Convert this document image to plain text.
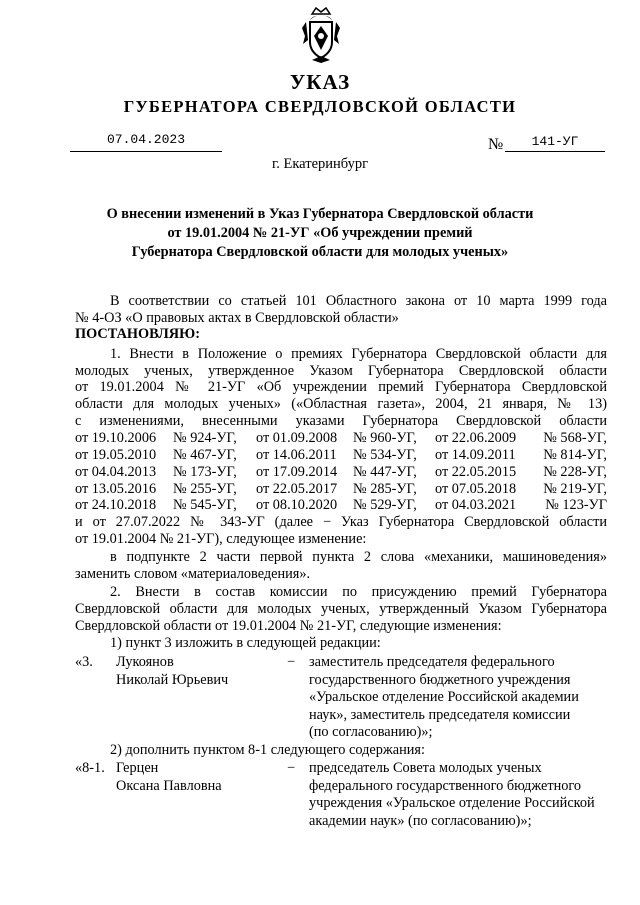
УКАЗ
ГУБЕРНАТОРА СВЕРДЛОВСКОЙ ОБЛАСТИ
07.04.2023	№	141-УГ
г. Екатеринбург
О внесении изменений в Указ Губернатора Свердловской области
от 19.01.2004 № 21-УГ «Об учреждении премий
Губернатора Свердловской области для молодых ученых»
В соответствии со статьей 101 Областного закона от 10 марта 1999 года
№ 4-ОЗ «О правовых актах в Свердловской области»
ПОСТАНОВЛЯЮ:
1. Внести в Положение о премиях Губернатора Свердловской области для
молодых ученых, утвержденное Указом Губернатора Свердловской области
от 19.01.2004 № 21-УГ «Об учреждении премий Губернатора Свердловской
области для молодых ученых» («Областная газета», 2004, 21 января, № 13)
с изменениями, внесенными указами Губернатора Свердловской области
от 19.10.2006 № 924-УГ, от 01.09.2008 № 960-УГ, от 22.06.2009 № 568-УГ,
от 19.05.2010 № 467-УГ, от 14.06.2011 № 534-УГ, от 14.09.2011 № 814-УГ,
от 04.04.2013 № 173-УГ, от 17.09.2014 № 447-УГ, от 22.05.2015 № 228-УГ,
от 13.05.2016 № 255-УГ, от 22.05.2017 № 285-УГ, от 07.05.2018 № 219-УГ,
от 24.10.2018 № 545-УГ, от 08.10.2020 № 529-УГ, от 04.03.2021 № 123-УГ
и от 27.07.2022 № 343-УГ (далее − Указ Губернатора Свердловской области
от 19.01.2004 № 21-УГ), следующее изменение:
в подпункте 2 части первой пункта 2 слова «механики, машиноведения»
заменить словом «материаловедения».
2. Внести в состав комиссии по присуждению премий Губернатора
Свердловской области для молодых ученых, утвержденный Указом Губернатора
Свердловской области от 19.01.2004 № 21-УГ, следующие изменения:
1) пункт 3 изложить в следующей редакции:
«3.	Лукоянов
Николай Юрьевич
− заместитель председателя федерального
государственного бюджетного учреждения
«Уральское отделение Российской академии
наук», заместитель председателя комиссии
(по согласованию)»;
2) дополнить пунктом 8-1 следующего содержания:
«8-1. Герцен
Оксана Павловна
− председатель Совета молодых ученых
федерального государственного бюджетного
учреждения «Уральское отделение Российской
академии наук» (по согласованию)»;
